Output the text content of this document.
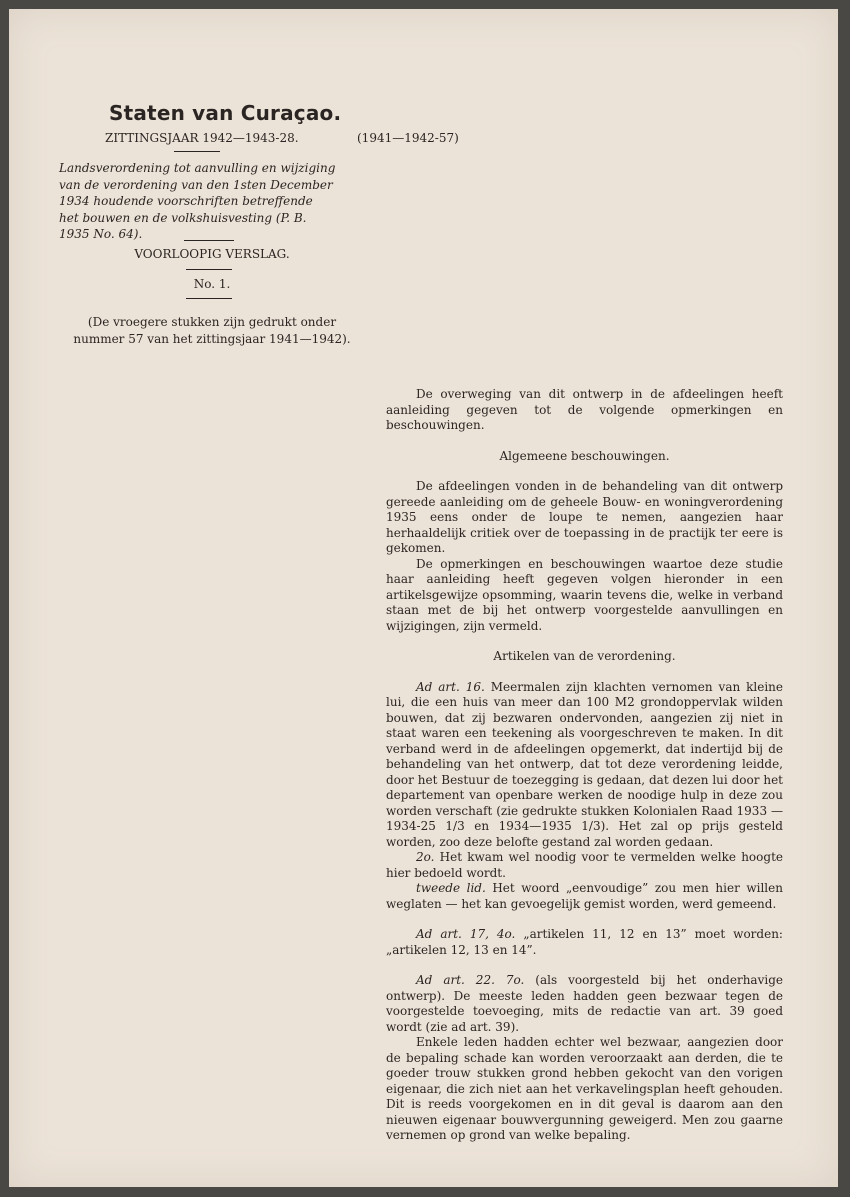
Staten van Curaçao.
ZITTINGSJAAR 1942—1943-28.	(1941—1942-57)
Landsverordening tot aanvulling en wijziging
van de verordening van den 1sten December
1934 houdende voorschriften betreffende
het bouwen en de volkshuisvesting (P. B.
1935 No. 64).
VOORLOOPIG VERSLAG.
No. 1.
(De vroegere stukken zijn gedrukt onder
nummer 57 van het zittingsjaar 1941—1942).

De overweging van dit ontwerp in de afdeelingen heeft aanleiding gegeven tot de volgende opmerkingen en beschouwingen.

Algemeene beschouwingen.

De afdeelingen vonden in de behandeling van dit ontwerp gereede aanleiding om de geheele Bouw- en woningverordening 1935 eens onder de loupe te nemen, aangezien haar herhaaldelijk critiek over de toepassing in de practijk ter eere is gekomen.

De opmerkingen en beschouwingen waartoe deze studie haar aanleiding heeft gegeven volgen hieronder in een artikelsgewijze opsomming, waarin tevens die, welke in verband staan met de bij het ontwerp voorgestelde aanvullingen en wijzigingen, zijn vermeld.

Artikelen van de verordening.

Ad art. 16. Meermalen zijn klachten vernomen van kleine lui, die een huis van meer dan 100 M2 grondoppervlak wilden bouwen, dat zij bezwaren ondervonden, aangezien zij niet in staat waren een teekening als voorgeschreven te maken. In dit verband werd in de afdeelingen opgemerkt, dat indertijd bij de behandeling van het ontwerp, dat tot deze verordening leidde, door het Bestuur de toezegging is gedaan, dat dezen lui door het departement van openbare werken de noodige hulp in deze zou worden verschaft (zie gedrukte stukken Kolonialen Raad 1933 —1934-25 1/3 en 1934—1935 1/3). Het zal op prijs gesteld worden, zoo deze belofte gestand zal worden gedaan.

2o. Het kwam wel noodig voor te vermelden welke hoogte hier bedoeld wordt.

tweede lid. Het woord „eenvoudige” zou men hier willen weglaten — het kan gevoegelijk gemist worden, werd gemeend.

Ad art. 17, 4o. „artikelen 11, 12 en 13” moet worden: „artikelen 12, 13 en 14”.

Ad art. 22. 7o. (als voorgesteld bij het onderhavige ontwerp). De meeste leden hadden geen bezwaar tegen de voorgestelde toevoeging, mits de redactie van art. 39 goed wordt (zie ad art. 39).

Enkele leden hadden echter wel bezwaar, aangezien door de bepaling schade kan worden veroorzaakt aan derden, die te goeder trouw stukken grond hebben gekocht van den vorigen eigenaar, die zich niet aan het verkavelingsplan heeft gehouden. Dit is reeds voorgekomen en in dit geval is daarom aan den nieuwen eigenaar bouwvergunning geweigerd. Men zou gaarne vernemen op grond van welke bepaling.
